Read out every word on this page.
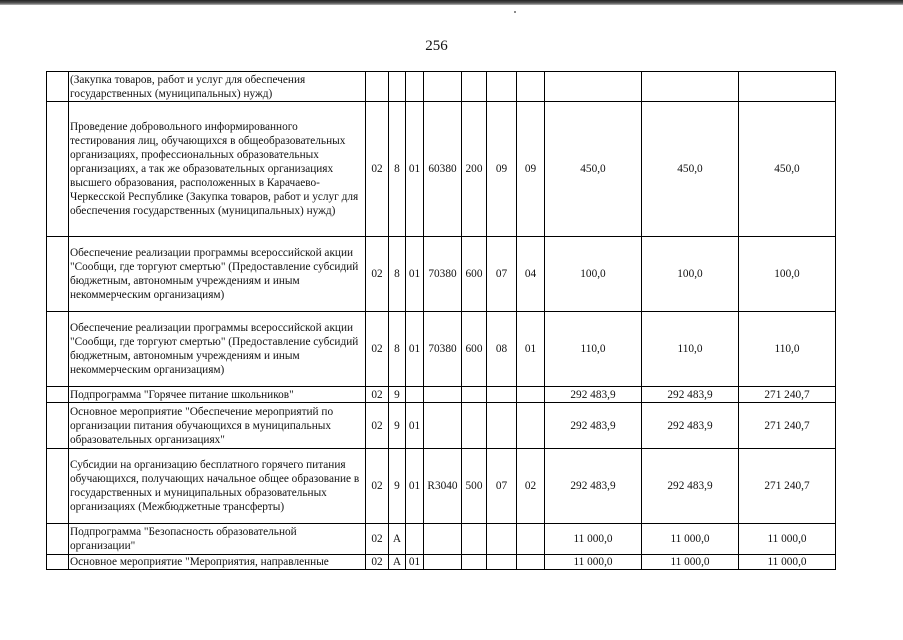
256
	(Закупка товаров, работ и услуг для обеспечения государственных (муниципальных) нужд)										
	Проведение добровольного информированного тестирования лиц, обучающихся в общеобразовательных организациях, профессиональных образовательных организациях, а так же образовательных организациях высшего образования, расположенных в Карачаево-Черкесской Республике (Закупка товаров, работ и услуг для обеспечения государственных (муниципальных) нужд)	02	8	01	60380	200	09	09	450,0	450,0	450,0
	Обеспечение реализации программы всероссийской акции "Сообщи, где торгуют смертью" (Предоставление субсидий бюджетным, автономным учреждениям и иным некоммерческим организациям)	02	8	01	70380	600	07	04	100,0	100,0	100,0
	Обеспечение реализации программы всероссийской акции "Сообщи, где торгуют смертью" (Предоставление субсидий бюджетным, автономным учреждениям и иным некоммерческим организациям)	02	8	01	70380	600	08	01	110,0	110,0	110,0
	Подпрограмма "Горячее питание школьников"	02	9						292 483,9	292 483,9	271 240,7
	Основное мероприятие "Обеспечение мероприятий по организации питания обучающихся в муниципальных образовательных организациях"	02	9	01					292 483,9	292 483,9	271 240,7
	Субсидии на организацию бесплатного горячего питания обучающихся, получающих начальное общее образование в государственных и муниципальных образовательных организациях (Межбюджетные трансферты)	02	9	01	R3040	500	07	02	292 483,9	292 483,9	271 240,7
	Подпрограмма "Безопасность образовательной организации"	02	А						11 000,0	11 000,0	11 000,0
	Основное мероприятие "Мероприятия, направленные	02	А	01					11 000,0	11 000,0	11 000,0
